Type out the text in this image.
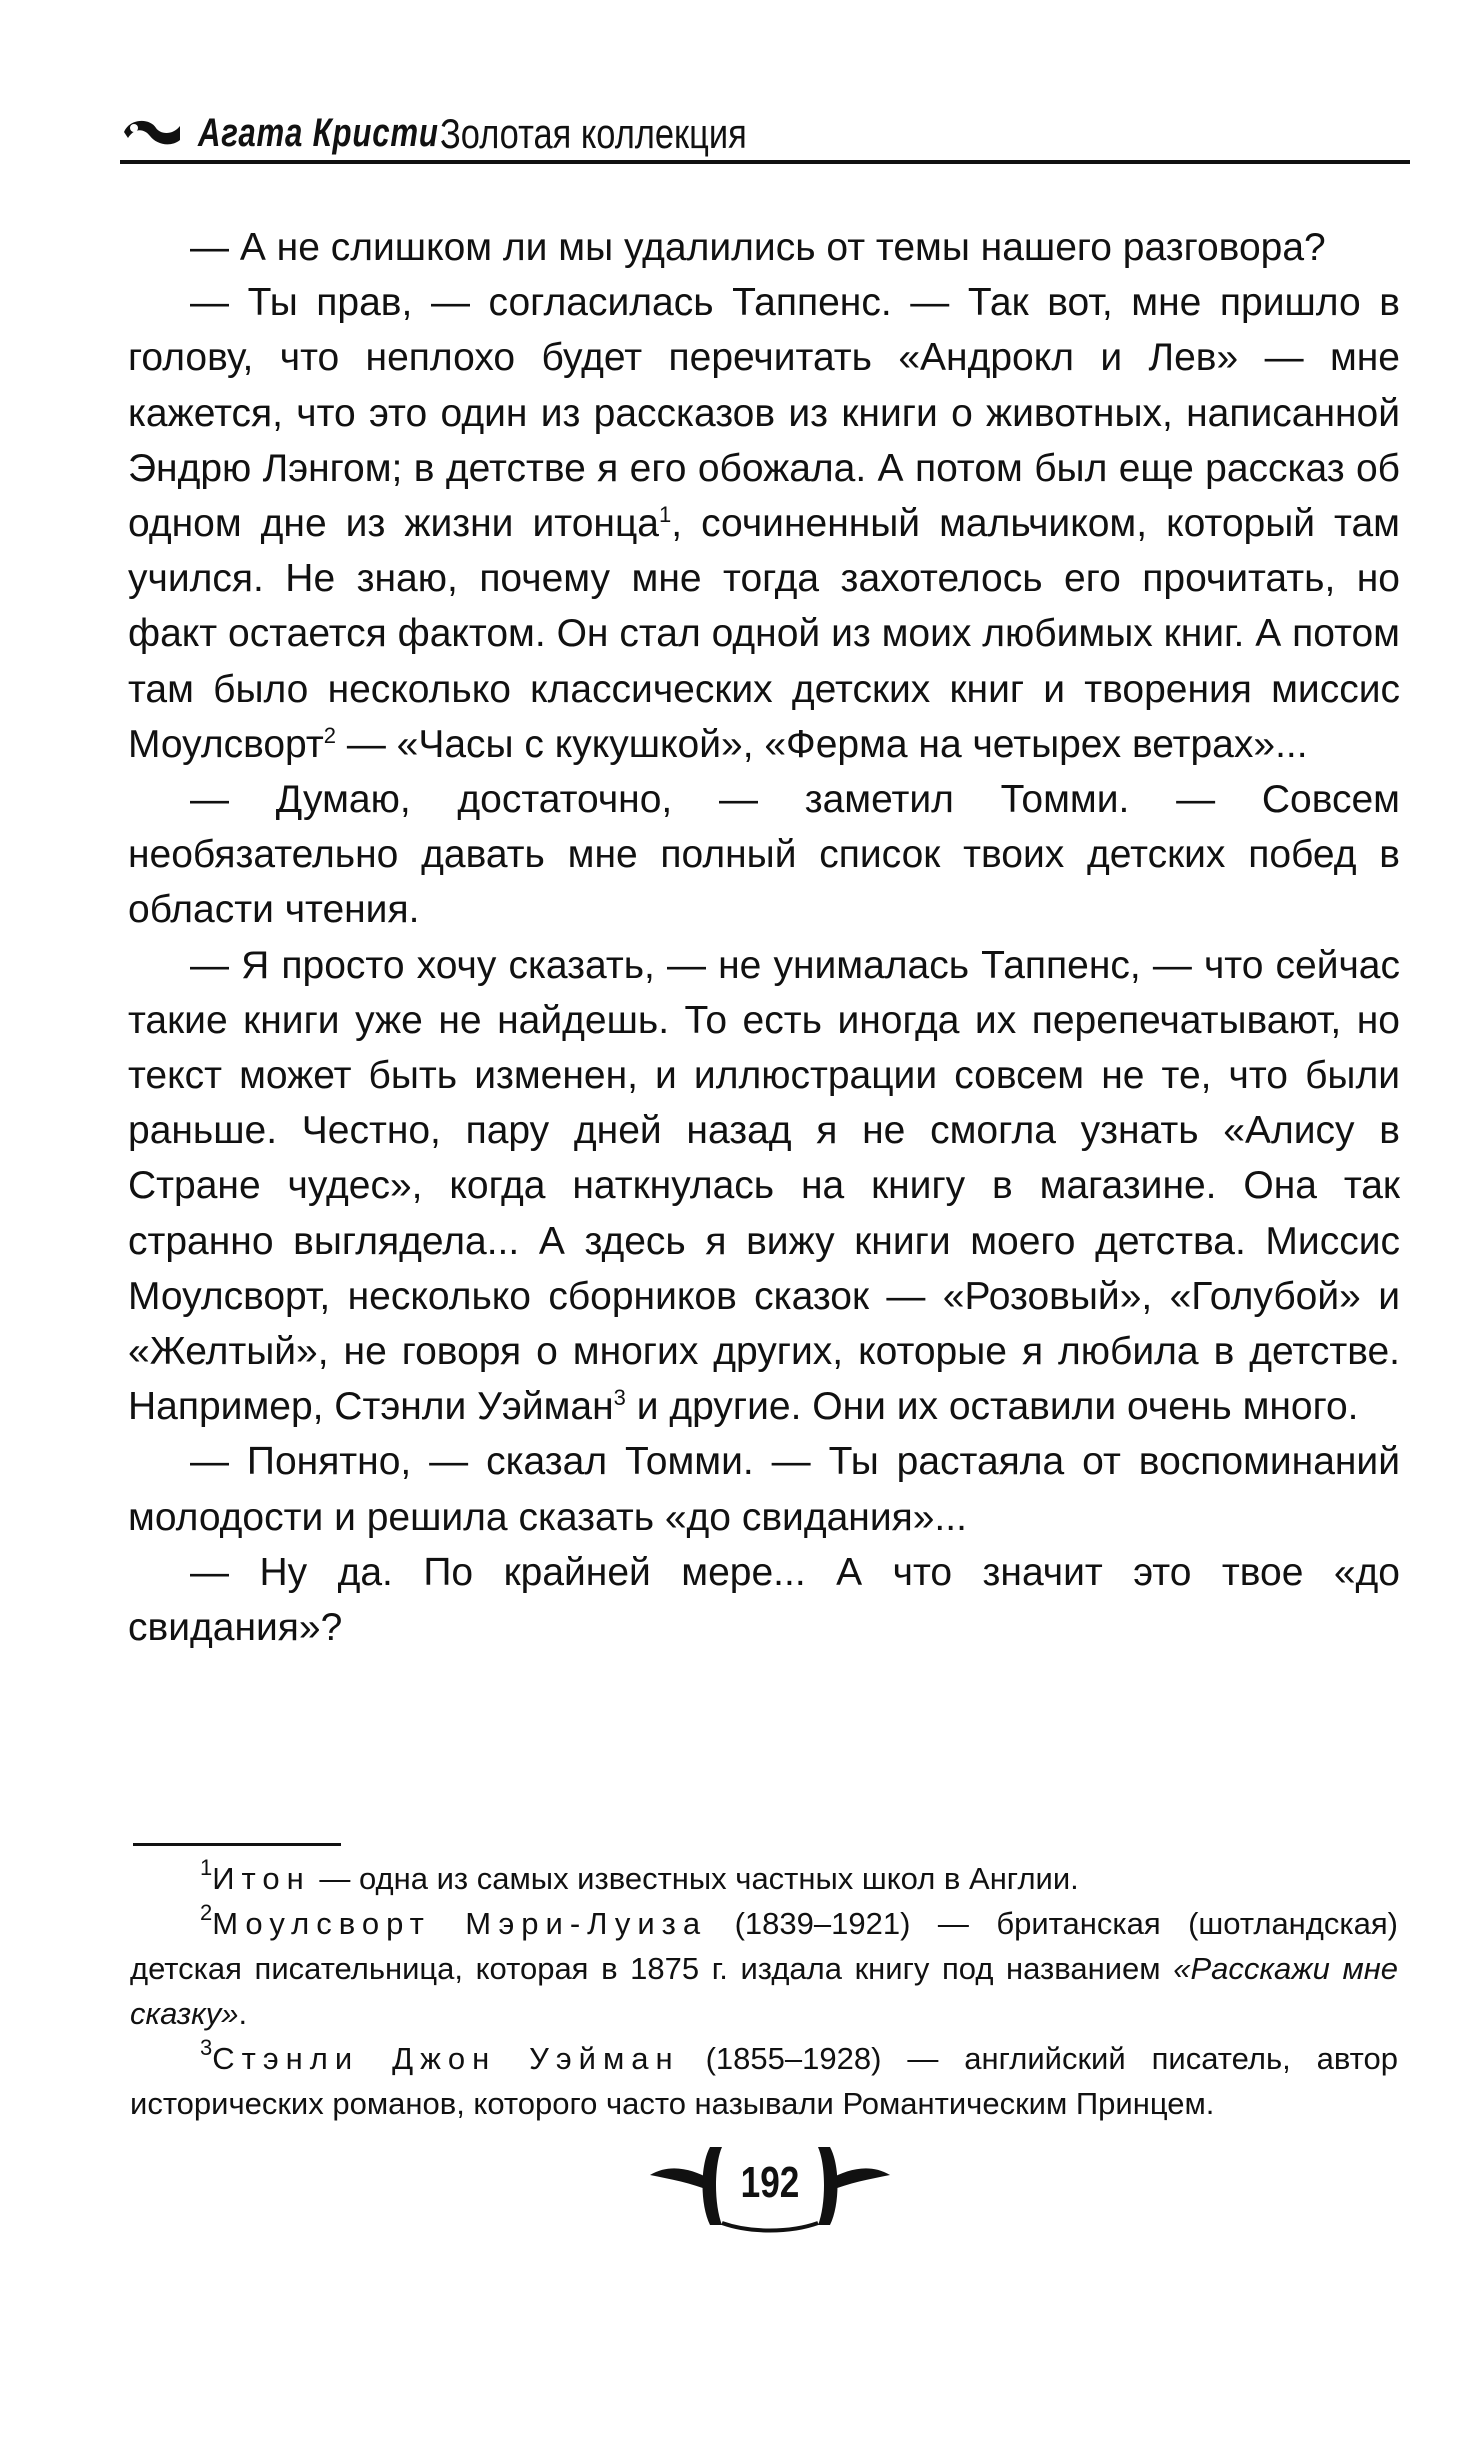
Агата Кристи Золотая коллекция

— А не слишком ли мы удалились от темы нашего разговора?

— Ты прав, — согласилась Таппенс. — Так вот, мне пришло в голову, что неплохо будет перечитать «Андрокл и Лев» — мне кажется, что это один из рассказов из книги о животных, написанной Эндрю Лэнгом; в детстве я его обожала. А потом был еще рассказ об одном дне из жизни итонца$^1$, сочиненный мальчиком, который там учился. Не знаю, почему мне тогда захотелось его прочитать, но факт остается фактом. Он стал одной из моих любимых книг. А потом там было несколько классических детских книг и творения миссис Моулсворт$^2$ — «Часы с кукушкой», «Ферма на четырех ветрах»...

— Думаю, достаточно, — заметил Томми. — Совсем необязательно давать мне полный список твоих детских побед в области чтения.

— Я просто хочу сказать, — не унималась Таппенс, — что сейчас такие книги уже не найдешь. То есть иногда их перепечатывают, но текст может быть изменен, и иллюстрации совсем не те, что были раньше. Честно, пару дней назад я не смогла узнать «Алису в Стране чудес», когда наткнулась на книгу в магазине. Она так странно выглядела... А здесь я вижу книги моего детства. Миссис Моулсворт, несколько сборников сказок — «Розовый», «Голубой» и «Желтый», не говоря о многих других, которые я любила в детстве. Например, Стэнли Уэйман$^3$ и другие. Они их оставили очень много.

— Понятно, — сказал Томми. — Ты растаяла от воспоминаний молодости и решила сказать «до свидания»...

— Ну да. По крайней мере... А что значит это твое «до свидания»?

$^1$Итон — одна из самых известных частных школ в Англии.

$^2$Моулсворт Мэри-Луиза (1839–1921) — британская (шотландская) детская писательница, которая в 1875 г. издала книгу под названием «Расскажи мне сказку».

$^3$Стэнли Джон Уэйман (1855–1928) — английский писатель, автор исторических романов, которого часто называли Романтическим Принцем.

192
